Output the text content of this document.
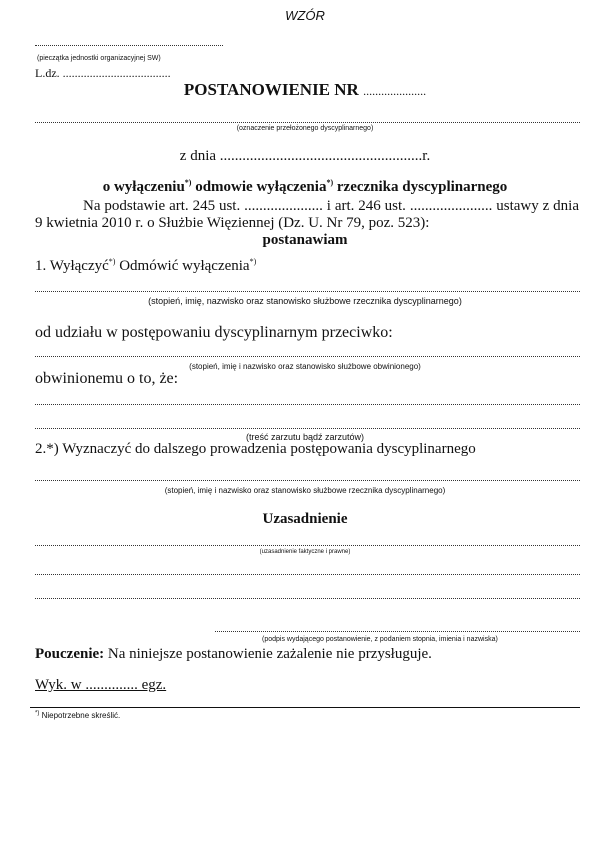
WZÓR
(pieczątka jednostki organizacyjnej SW)
L.dz. ....................................
POSTANOWIENIE NR .....................
(oznaczenie przełożonego dyscyplinarnego)
z dnia ......................................................r.
o wyłączeniu*) odmowie wyłączenia*) rzecznika dyscyplinarnego
Na podstawie art. 245 ust. ..................... i art. 246 ust. ...................... ustawy z dnia
9 kwietnia 2010 r. o Służbie Więziennej (Dz. U. Nr 79, poz. 523):
postanawiam
1. Wyłączyć*) Odmówić wyłączenia*)
(stopień, imię, nazwisko oraz stanowisko służbowe rzecznika dyscyplinarnego)
od udziału w postępowaniu dyscyplinarnym przeciwko:
(stopień, imię i nazwisko oraz stanowisko służbowe obwinionego)
obwinionemu o to, że:
(treść zarzutu bądź zarzutów)
2.*) Wyznaczyć do dalszego prowadzenia postępowania dyscyplinarnego
(stopień, imię i nazwisko oraz stanowisko służbowe rzecznika dyscyplinarnego)
Uzasadnienie
(uzasadnienie faktyczne i prawne)
(podpis wydającego postanowienie, z podaniem stopnia, imienia i nazwiska)
Pouczenie: Na niniejsze postanowienie zażalenie nie przysługuje.
Wyk. w .............. egz.
*) Niepotrzebne skreślić.
